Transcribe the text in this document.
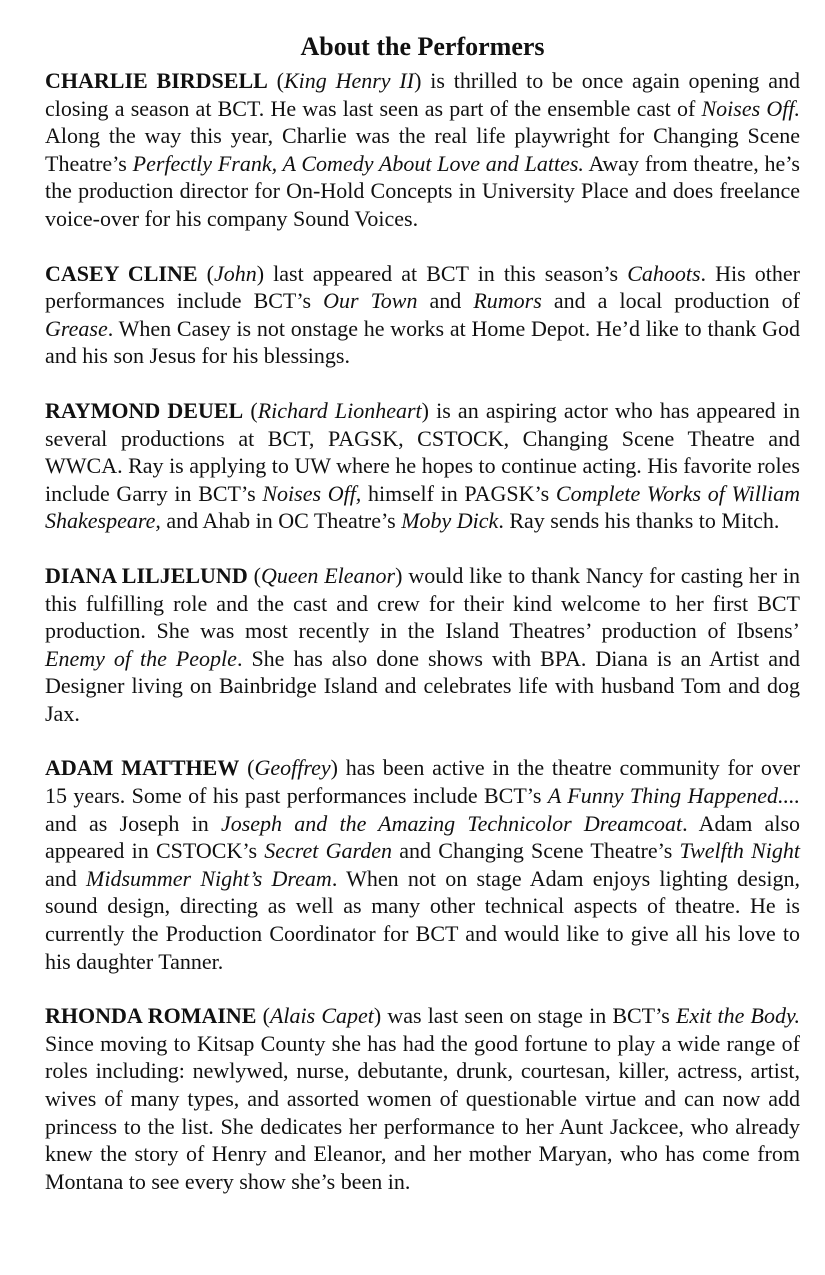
About the Performers

CHARLIE BIRDSELL (King Henry II) is thrilled to be once again opening and closing a season at BCT. He was last seen as part of the ensemble cast of Noises Off. Along the way this year, Charlie was the real life playwright for Changing Scene Theatre’s Perfectly Frank, A Comedy About Love and Lattes. Away from theatre, he’s the production director for On-Hold Concepts in University Place and does freelance voice-over for his company Sound Voices.

CASEY CLINE (John) last appeared at BCT in this season’s Cahoots. His other performances include BCT’s Our Town and Rumors and a local production of Grease. When Casey is not onstage he works at Home Depot. He’d like to thank God and his son Jesus for his blessings.

RAYMOND DEUEL (Richard Lionheart) is an aspiring actor who has appeared in several productions at BCT, PAGSK, CSTOCK, Changing Scene Theatre and WWCA. Ray is applying to UW where he hopes to continue acting. His favorite roles include Garry in BCT’s Noises Off, himself in PAGSK’s Complete Works of William Shakespeare, and Ahab in OC Theatre’s Moby Dick. Ray sends his thanks to Mitch.

DIANA LILJELUND (Queen Eleanor) would like to thank Nancy for casting her in this fulfilling role and the cast and crew for their kind welcome to her first BCT production. She was most recently in the Island Theatres’ production of Ibsens’ Enemy of the People. She has also done shows with BPA. Diana is an Artist and Designer living on Bainbridge Island and celebrates life with husband Tom and dog Jax.

ADAM MATTHEW (Geoffrey) has been active in the theatre community for over 15 years. Some of his past performances include BCT’s A Funny Thing Happened.... and as Joseph in Joseph and the Amazing Technicolor Dreamcoat. Adam also appeared in CSTOCK’s Secret Garden and Changing Scene Theatre’s Twelfth Night and Midsummer Night’s Dream. When not on stage Adam enjoys lighting design, sound design, directing as well as many other technical aspects of theatre. He is currently the Production Coordinator for BCT and would like to give all his love to his daughter Tanner.

RHONDA ROMAINE (Alais Capet) was last seen on stage in BCT’s Exit the Body. Since moving to Kitsap County she has had the good fortune to play a wide range of roles including: newlywed, nurse, debutante, drunk, courtesan, killer, actress, artist, wives of many types, and assorted women of questionable virtue and can now add princess to the list. She dedicates her performance to her Aunt Jackcee, who already knew the story of Henry and Eleanor, and her mother Maryan, who has come from Montana to see every show she’s been in.
